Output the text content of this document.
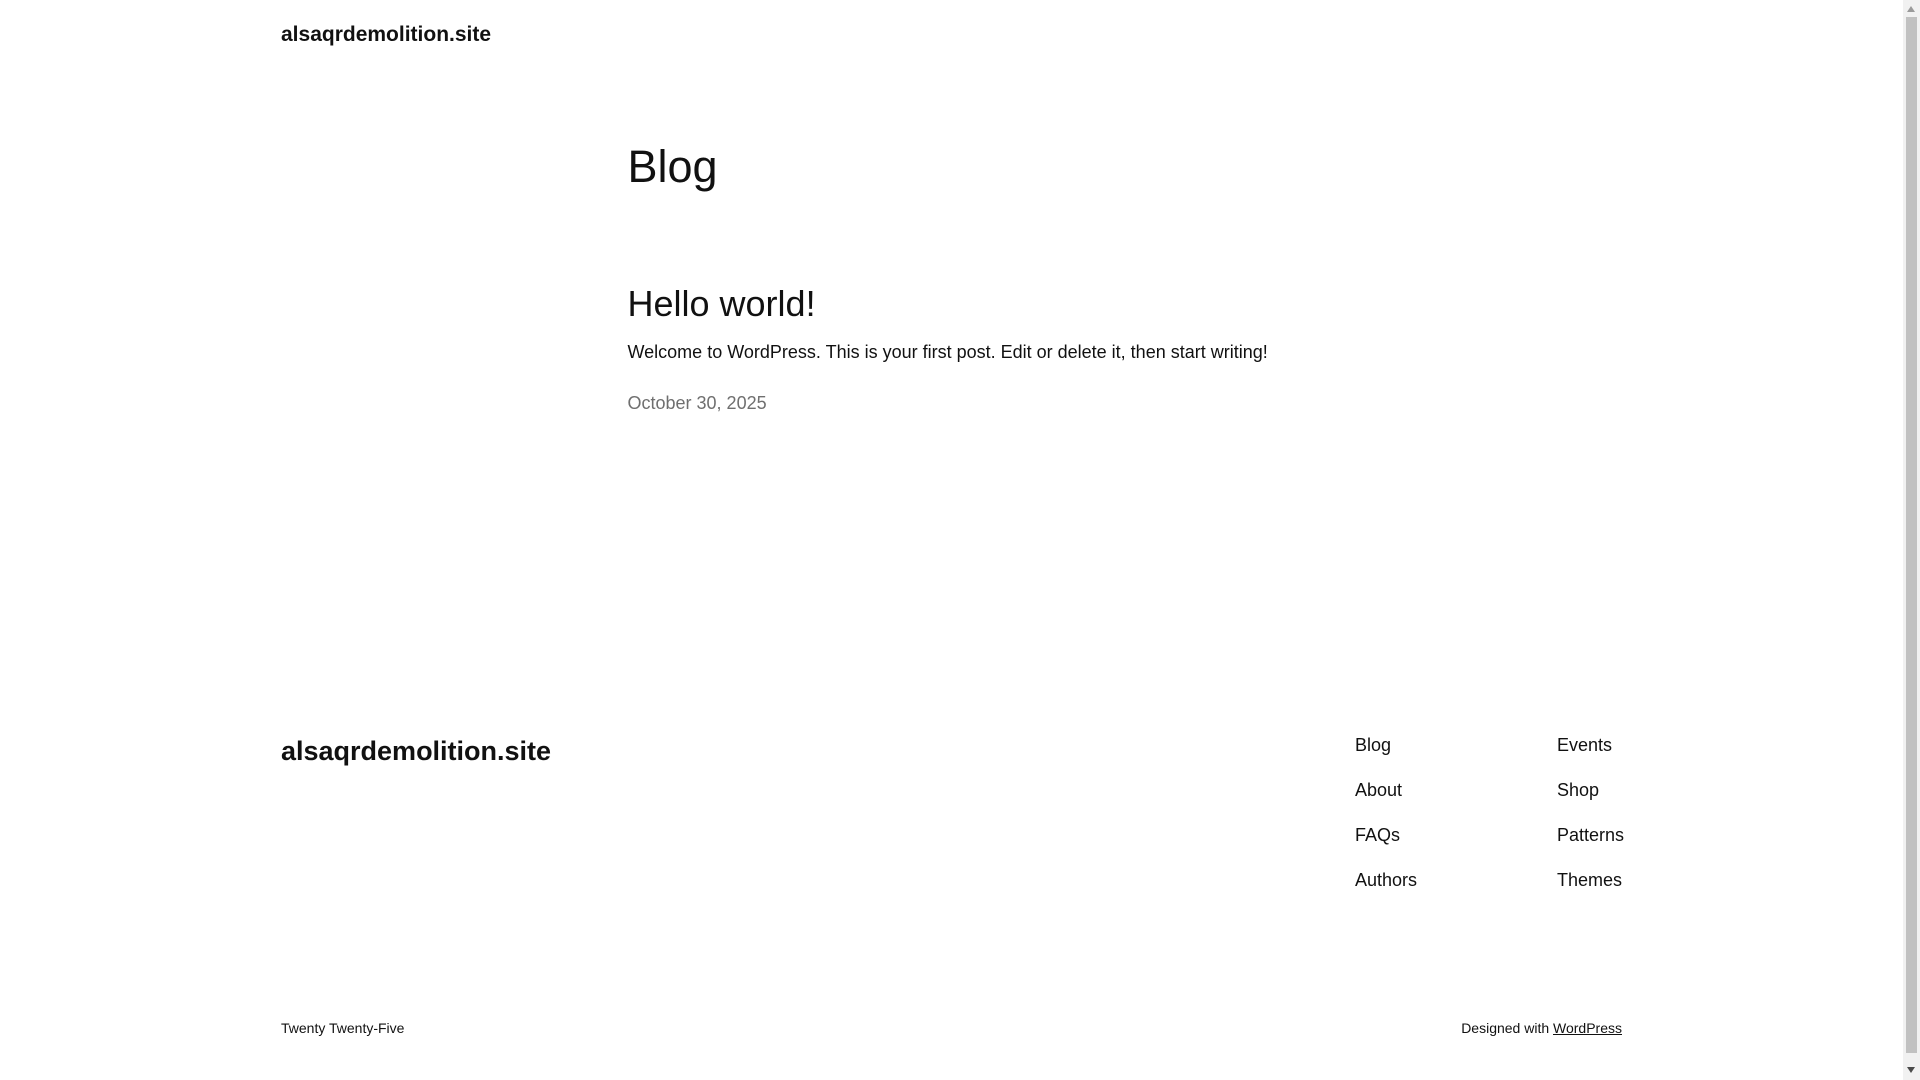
alsaqrdemolition.site
Blog
Hello world!

Welcome to WordPress. This is your first post. Edit or delete it, then start writing!

October 30, 2025
alsaqrdemolition.site	Blog
About
FAQs
Authors
Events
Shop
Patterns
Themes
Twenty Twenty-Five	Designed with WordPress
